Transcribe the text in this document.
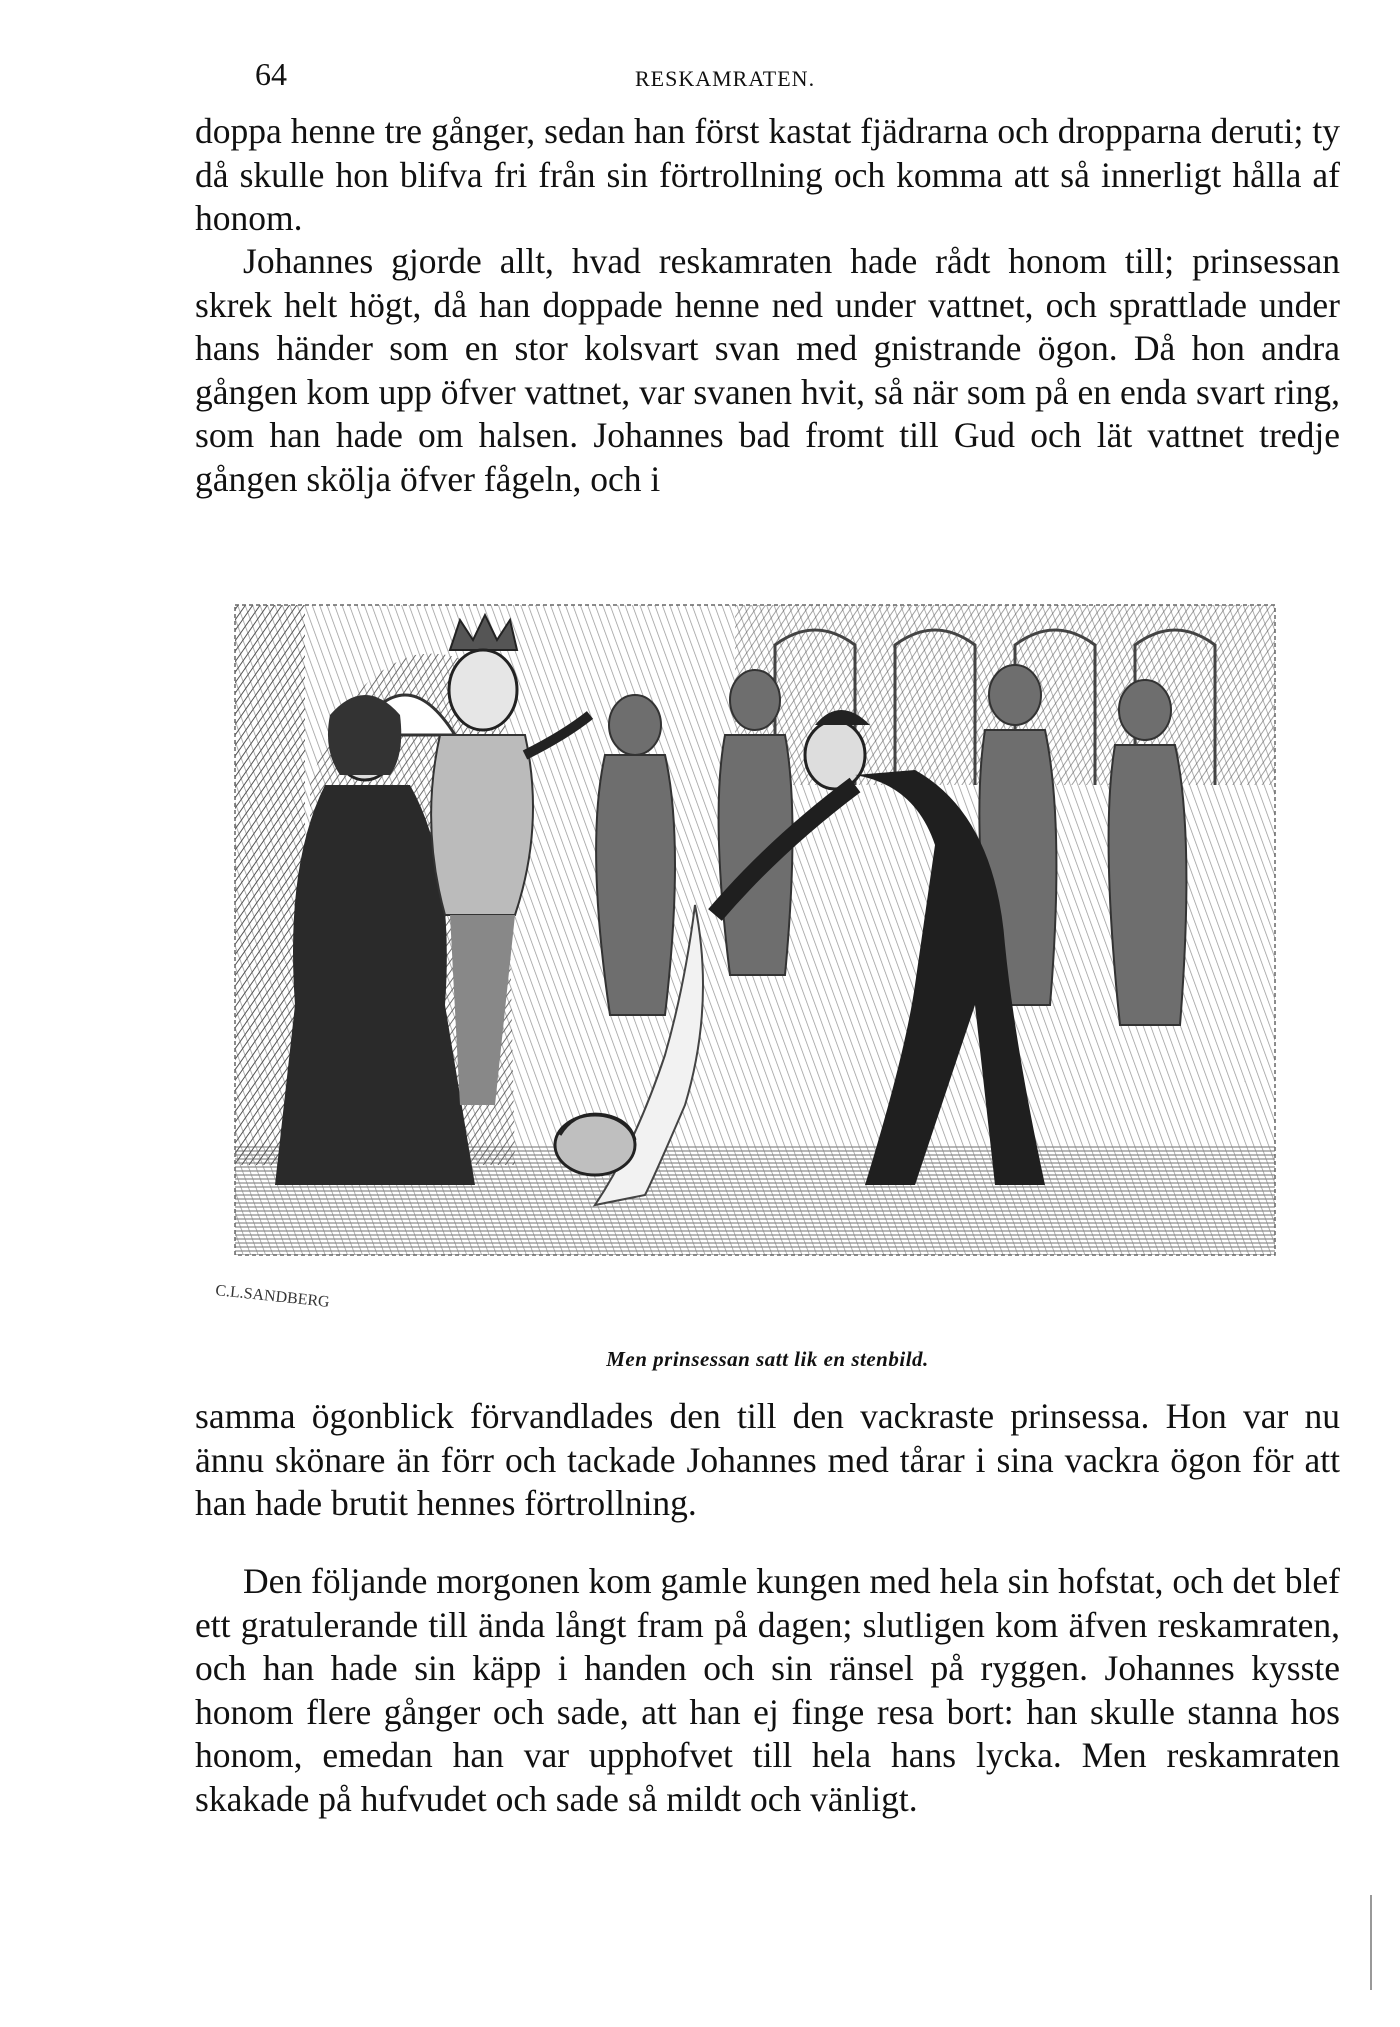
64	RESKAMRATEN.

doppa henne tre gånger, sedan han först kastat fjädrarna och dropparna deruti; ty då skulle hon blifva fri från sin förtrollning och komma att så innerligt hålla af honom.

Johannes gjorde allt, hvad reskamraten hade rådt honom till; prinsessan skrek helt högt, då han doppade henne ned under vattnet, och sprattlade under hans händer som en stor kolsvart svan med gnistrande ögon. Då hon andra gången kom upp öfver vattnet, var svanen hvit, så när som på en enda svart ring, som han hade om halsen. Johannes bad fromt till Gud och lät vattnet tredje gången skölja öfver fågeln, och i

C.L.SANDBERG
Men prinsessan satt lik en stenbild.

samma ögonblick förvandlades den till den vackraste prinsessa. Hon var nu ännu skönare än förr och tackade Johannes med tårar i sina vackra ögon för att han hade brutit hennes förtrollning.

Den följande morgonen kom gamle kungen med hela sin hofstat, och det blef ett gratulerande till ända långt fram på dagen; slutligen kom äfven reskamraten, och han hade sin käpp i handen och sin ränsel på ryggen. Johannes kysste honom flere gånger och sade, att han ej finge resa bort: han skulle stanna hos honom, emedan han var upphofvet till hela hans lycka. Men reskamraten skakade på hufvudet och sade så mildt och vänligt.
